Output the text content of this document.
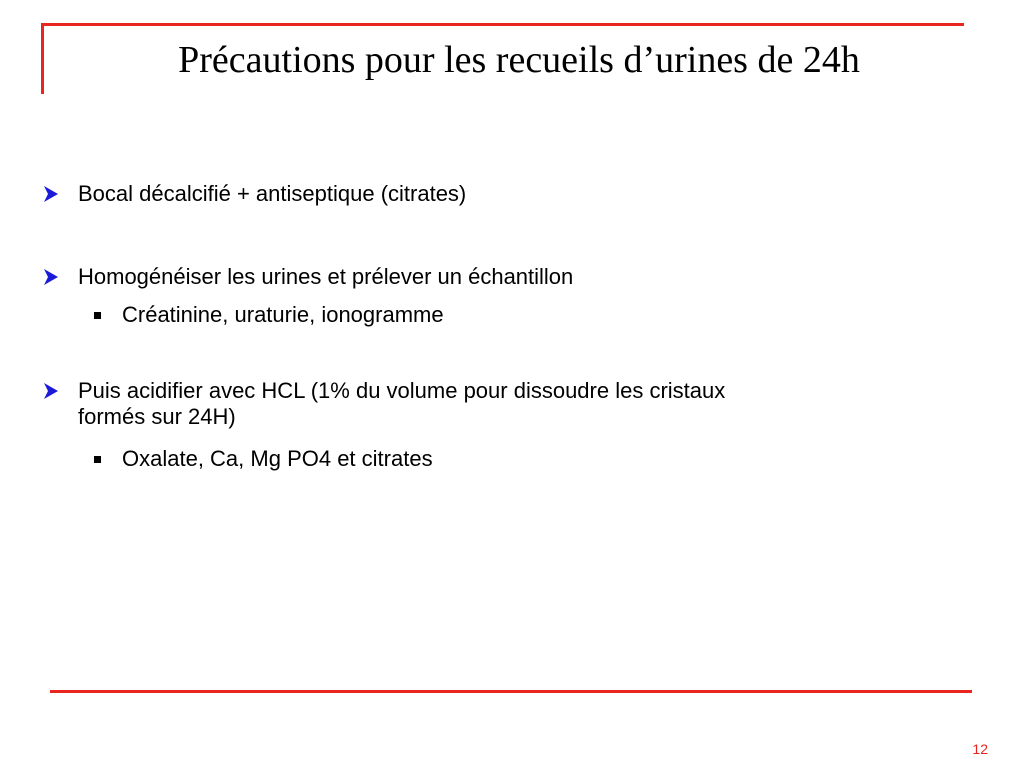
Précautions pour les recueils d’urines de 24h
Bocal décalcifié + antiseptique (citrates)
Homogénéiser les urines et prélever un échantillon
Créatinine, uraturie, ionogramme
Puis acidifier avec HCL (1% du volume pour dissoudre les cristaux
formés sur 24H)
Oxalate, Ca, Mg PO4 et citrates
12
